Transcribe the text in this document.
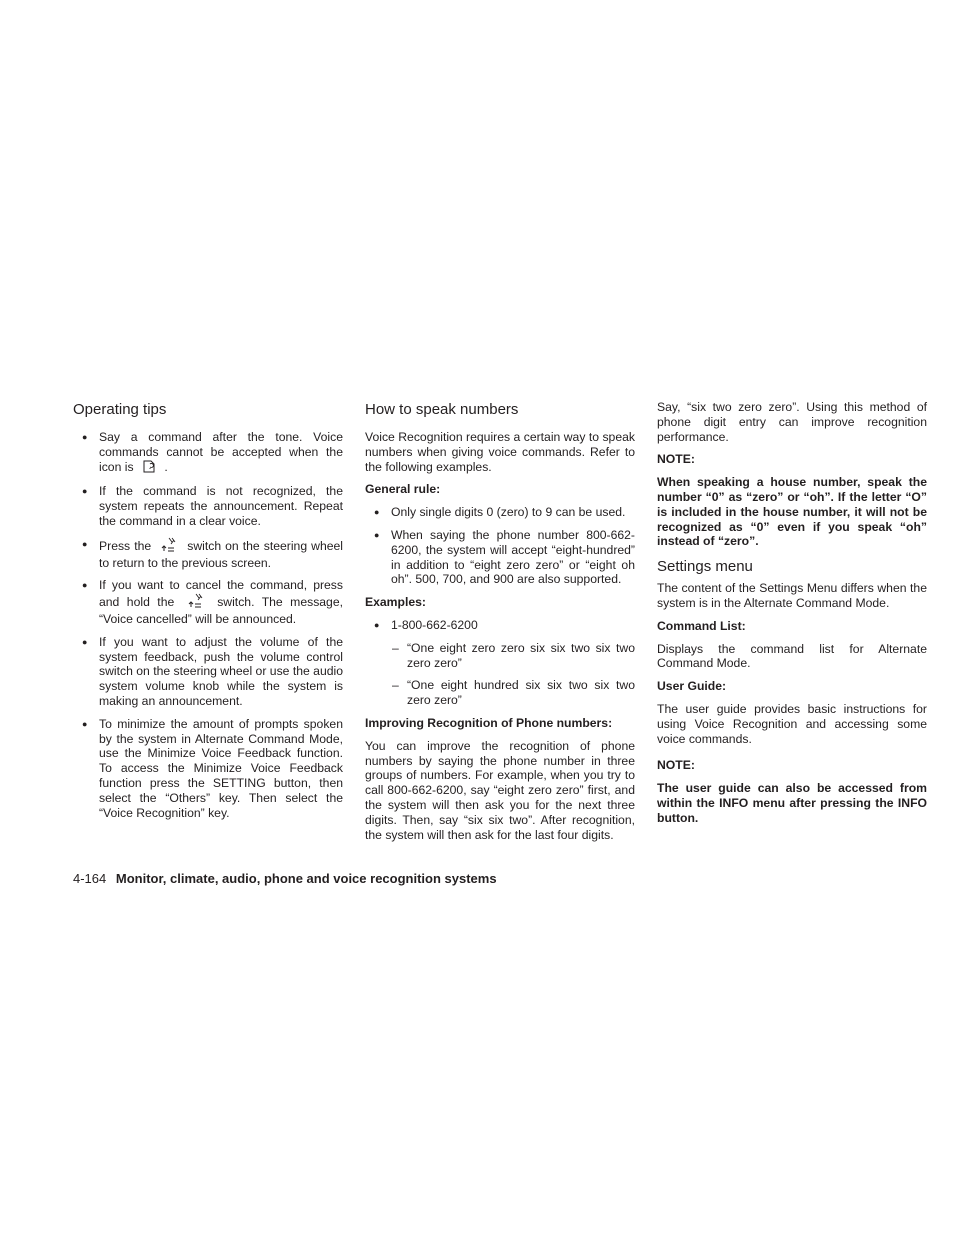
Operating tips
● Say a command after the tone. Voice commands cannot be accepted when the icon is	.
● If the command is not recognized, the system repeats the announcement. Repeat the command in a clear voice.
● Press the	switch on the steering wheel to return to the previous screen.
● If you want to cancel the command, press and hold the	switch. The message, “Voice cancelled” will be announced.
● If you want to adjust the volume of the system feedback, push the volume control switch on the steering wheel or use the audio system volume knob while the system is making an announcement.
● To minimize the amount of prompts spoken by the system in Alternate Command Mode, use the Minimize Voice Feedback function. To access the Minimize Voice Feedback function press the SETTING button, then select the “Others” key. Then select the “Voice Recognition” key.
How to speak numbers

Voice Recognition requires a certain way to speak numbers when giving voice commands. Refer to the following examples.

General rule:
● Only single digits 0 (zero) to 9 can be used.
● When saying the phone number 800-662-6200, the system will accept “eight-hundred” in addition to “eight zero zero” or “eight oh oh”. 500, 700, and 900 are also supported.
Examples:
● 1-800-662-6200
– “One eight zero zero six six two six two zero zero”
– “One eight hundred six six two six two zero zero”
Improving Recognition of Phone numbers:

You can improve the recognition of phone numbers by saying the phone number in three groups of numbers. For example, when you try to call 800-662-6200, say “eight zero zero” first, and the system will then ask you for the next three digits. Then, say “six six two”. After recognition, the system will then ask for the last four digits.

Say, “six two zero zero”. Using this method of phone digit entry can improve recognition performance.

NOTE:

When speaking a house number, speak the number “0” as “zero” or “oh”. If the letter “O” is included in the house number, it will not be recognized as “0” even if you speak “oh” instead of “zero”.

Settings menu

The content of the Settings Menu differs when the system is in the Alternate Command Mode.

Command List:

Displays the command list for Alternate Command Mode.

User Guide:

The user guide provides basic instructions for using Voice Recognition and accessing some voice commands.

NOTE:

The user guide can also be accessed from within the INFO menu after pressing the INFO button.

4-164 Monitor, climate, audio, phone and voice recognition systems
